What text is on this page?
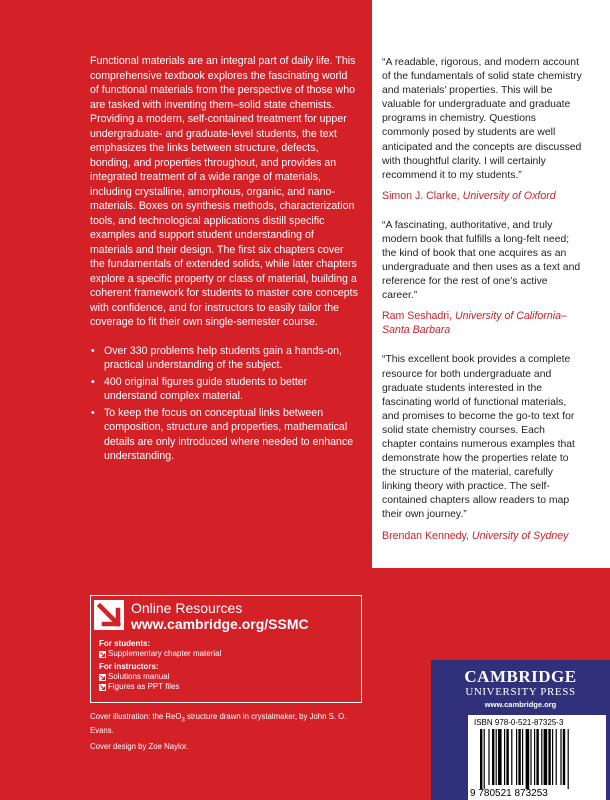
Functional materials are an integral part of daily life. This comprehensive textbook explores the fascinating world of functional materials from the perspective of those who are tasked with inventing them–solid state chemists. Providing a modern, self-contained treatment for upper undergraduate- and graduate-level students, the text emphasizes the links between structure, defects, bonding, and properties throughout, and provides an integrated treatment of a wide range of materials, including crystalline, amorphous, organic, and nano-materials. Boxes on synthesis methods, characterization tools, and technological applications distill specific examples and support student understanding of materials and their design. The first six chapters cover the fundamentals of extended solids, while later chapters explore a specific property or class of material, building a coherent framework for students to master core concepts with confidence, and for instructors to easily tailor the coverage to fit their own single-semester course.

• Over 330 problems help students gain a hands-on, practical understanding of the subject.
• 400 original figures guide students to better understand complex material.
• To keep the focus on conceptual links between composition, structure and properties, mathematical details are only introduced where needed to enhance understanding.

“A readable, rigorous, and modern account of the fundamentals of solid state chemistry and materials’ properties. This will be valuable for undergraduate and graduate programs in chemistry. Questions commonly posed by students are well anticipated and the concepts are discussed with thoughtful clarity. I will certainly recommend it to my students.”

Simon J. Clarke, University of Oxford

“A fascinating, authoritative, and truly modern book that fulfills a long-felt need; the kind of book that one acquires as an undergraduate and then uses as a text and reference for the rest of one’s active career.”

Ram Seshadri, University of California– Santa Barbara

“This excellent book provides a complete resource for both undergraduate and graduate students interested in the fascinating world of functional materials, and promises to become the go-to text for solid state chemistry courses. Each chapter contains numerous examples that demonstrate how the properties relate to the structure of the material, carefully linking theory with practice. The self-contained chapters allow readers to map their own journey.”

Brendan Kennedy, University of Sydney
Online Resources
www.cambridge.org/SSMC
For students:
Supplementary chapter material
For instructors:
Solutions manual
Figures as PPT files

Cover illustration: the ReO$_3$ structure drawn in crystalmaker, by John S. O. Evans.

Cover design by Zoe Naylor.

CAMBRIDGE
UNIVERSITY PRESS
www.cambridge.org
ISBN 978-0-521-87325-3
9 780521 873253
